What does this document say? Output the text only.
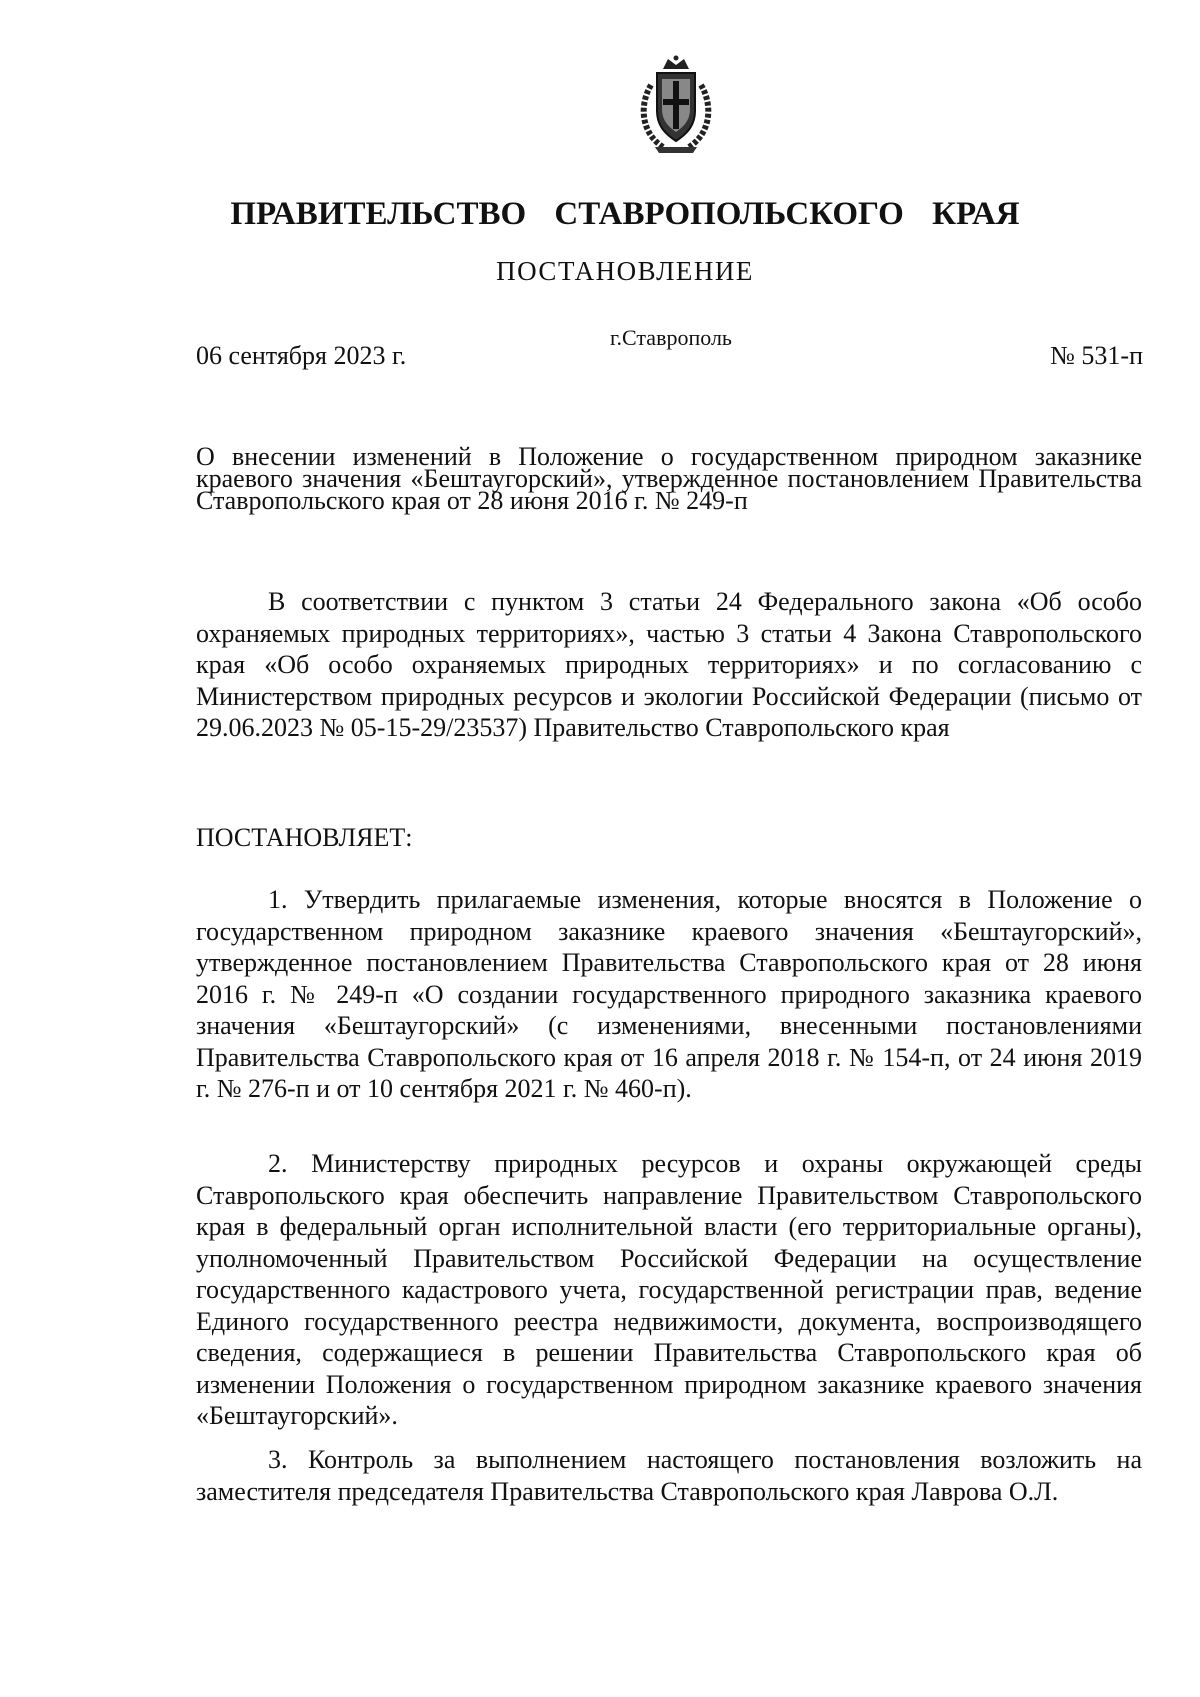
ПРАВИТЕЛЬСТВО СТАВРОПОЛЬСКОГО КРАЯ
ПОСТАНОВЛЕНИЕ
06 сентября 2023 г.
г.Ставрополь
№ 531-п
О внесении изменений в Положение о государственном природном заказнике краевого значения «Бештаугорский», утвержденное постановлением Правительства Ставропольского края от 28 июня 2016 г. № 249-п
В соответствии с пунктом 3 статьи 24 Федерального закона «Об особо охраняемых природных территориях», частью 3 статьи 4 Закона Ставропольского края «Об особо охраняемых природных территориях» и по согласованию с Министерством природных ресурсов и экологии Российской Федерации (письмо от 29.06.2023 № 05-15-29/23537) Правительство Ставропольского края
ПОСТАНОВЛЯЕТ:
1. Утвердить прилагаемые изменения, которые вносятся в Положение о государственном природном заказнике краевого значения «Бештаугорский», утвержденное постановлением Правительства Ставропольского края от 28 июня 2016 г. № 249-п «О создании государственного природного заказника краевого значения «Бештаугорский» (с изменениями, внесенными постановлениями Правительства Ставропольского края от 16 апреля 2018 г. № 154-п, от 24 июня 2019 г. № 276-п и от 10 сентября 2021 г. № 460-п).
2. Министерству природных ресурсов и охраны окружающей среды Ставропольского края обеспечить направление Правительством Ставропольского края в федеральный орган исполнительной власти (его территориальные органы), уполномоченный Правительством Российской Федерации на осуществление государственного кадастрового учета, государственной регистрации прав, ведение Единого государственного реестра недвижимости, документа, воспроизводящего сведения, содержащиеся в решении Правительства Ставропольского края об изменении Положения о государственном природном заказнике краевого значения «Бештаугорский».
3. Контроль за выполнением настоящего постановления возложить на заместителя председателя Правительства Ставропольского края Лаврова О.Л.
